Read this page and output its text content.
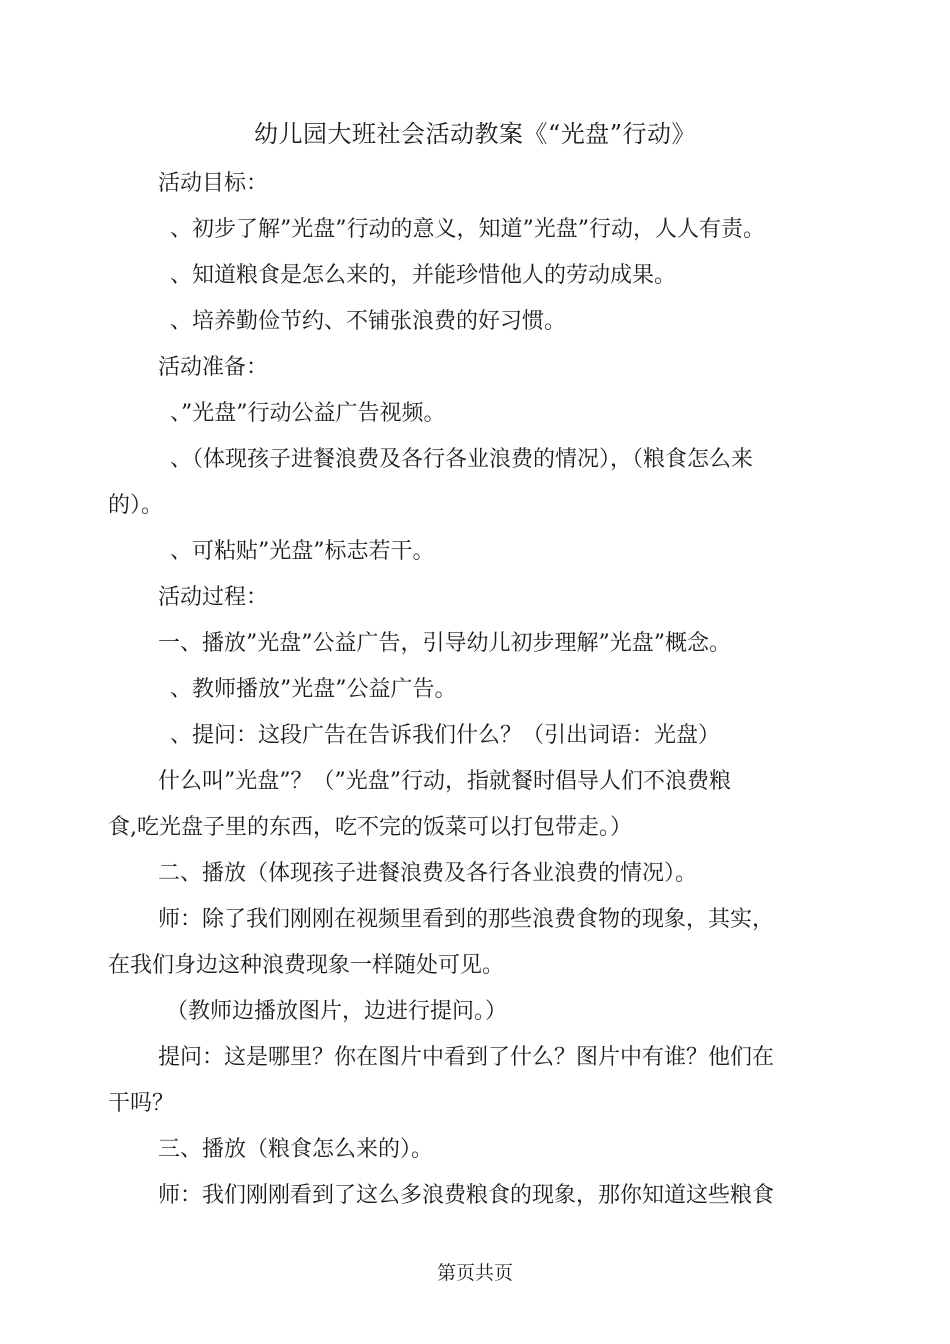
幼儿园大班社会活动教案《“光盘”行动》
活动目标：
、初步了解”光盘”行动的意义，知道”光盘”行动，人人有责。
、知道粮食是怎么来的，并能珍惜他人的劳动成果。
、培养勤俭节约、不铺张浪费的好习惯。
活动准备：
、”光盘”行动公益广告视频。
、（体现孩子进餐浪费及各行各业浪费的情况），（粮食怎么来
的）。
、可粘贴”光盘”标志若干。
活动过程：
一、播放”光盘”公益广告，引导幼儿初步理解”光盘”概念。
、教师播放”光盘”公益广告。
、提问：这段广告在告诉我们什么？（引出词语：光盘）
什么叫”光盘”？（”光盘”行动，指就餐时倡导人们不浪费粮
食,吃光盘子里的东西，吃不完的饭菜可以打包带走。）
二、播放（体现孩子进餐浪费及各行各业浪费的情况）。
师：除了我们刚刚在视频里看到的那些浪费食物的现象，其实，
在我们身边这种浪费现象一样随处可见。
（教师边播放图片，边进行提问。）
提问：这是哪里？你在图片中看到了什么？图片中有谁？他们在
干吗？
三、播放（粮食怎么来的）。
师：我们刚刚看到了这么多浪费粮食的现象，那你知道这些粮食
第页共页
